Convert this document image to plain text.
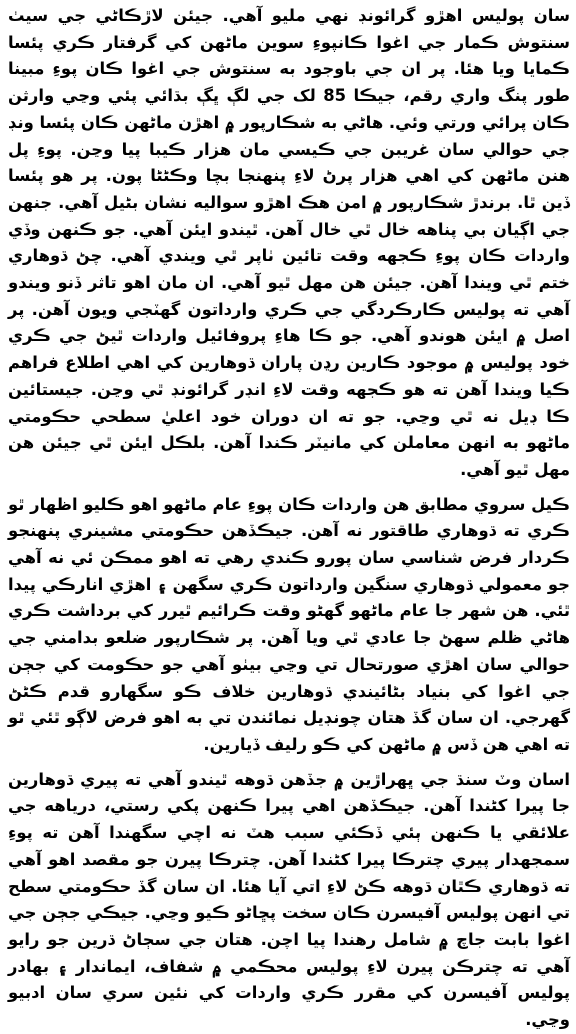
سان پوليس اهڙو گرائونڊ نهي مليو آهي. جيئن لاڙڪاڻي جي سيٺ سنتوش ڪمار جي اغوا ڪانپوءِ سوين ماڻهن کي گرفتار ڪري پئسا ڪمايا ويا هئا. پر ان جي باوجود به سنتوش جي اغوا ڪان پوءِ مبينا طور پنگ واري رقم، جيڪا 85 لک جي لڳ ڀڳ بڌائي پئي وڃي وارثن ڪان پرائي ورتي وئي. هاڻي به شڪارپور ۾ اهڙن ماڻهن ڪان پئسا ونڊ جي حوالي سان غريبن جي ڪيسي مان هزار ڪيبا پيا وڃن. پوءِ پل هنن ماڻهن کي اهي هزار پرڻ لاءِ پنهنجا بچا وڪڻڻا پون. پر هو پئسا ڏين ٿا. برندڙ شڪارپور ۾ امن هڪ اهڙو سواليه نشان بڻيل آهي. جنهن جي اڳيان بي پناهه خال ٿي خال آهن. ٿيندو ايئن آهي. جو ڪنهن وڏي واردات ڪان پوءِ ڪجهه وقت تائين ٺاپر ٿي ويندي آهي. چڻ ڌوهاري ختم ٿي ويندا آهن. جيئن هن مهل ٿيو آهي. ان مان اهو تاثر ڏنو ويندو آهي ته پوليس ڪارڪردگي جي ڪري وارداتون گهٽجي ويون آهن. پر اصل ۾ ايئن هوندو آهي. جو ڪا هاءِ پروفائيل واردات ٿيڻ جي ڪري خود پوليس ۾ موجود ڪارين رڍن پاران ڌوهارين کي اهي اطلاع فراهم ڪيا ويندا آهن ته هو ڪجهه وقت لاءِ انڊر گرائونڊ ٿي وڃن. جيستائين ڪا ڊيل نه ٿي وڃي. جو ته ان دوران خود اعليٰ سطحي حڪومتي ماڻهو به انهن معاملن کي مانيٽر ڪندا آهن. بلڪل ايئن ٿي جيئن هن مهل ٿيو آهي.

ڪيل سروي مطابق هن واردات ڪان پوءِ عام ماڻهو اهو ڪليو اظهار ٿو ڪري ته ڌوهاري طاقتور نه آهن. جيڪڏهن حڪومتي مشينري پنهنجو ڪردار فرض شناسي سان پورو ڪندي رهي ته اهو ممڪن ئي نه آهي جو معمولي ڌوهاري سنگين وارداتون ڪري سگهن ۽ اهڙي انارڪي پيدا ٿئي. هن شهر جا عام ماڻهو گهڻو وقت ڪرائيم ٿيرر کي برداشت ڪري هاڻي ظلم سهڻ جا عادي ٿي ويا آهن. پر شڪارپور ضلعو بدامني جي حوالي سان اهڙي صورتحال تي وڃي بيٺو آهي جو حڪومت کي جڄن جي اغوا کي بنياد بڻائيندي ڌوهارين خلاف ڪو سگهارو قدم ڪڻڻ گهرجي. ان سان گڏ هتان چونڊيل نمائندن تي به اهو فرض لاڳو ٿئي ٿو ته اهي هن ڏس ۾ ماڻهن کي ڪو رليف ڏيارين.

اسان وٽ سنڌ جي ڀهراڙين ۾ جڏهن ڌوهه ٿيندو آهي ته پيري ڌوهارين جا پيرا کڻندا آهن. جيڪڏهن اهي پيرا ڪنهن پکي رستي، درياهه جي علائقي يا ڪنهن ٻئي ڏڪئي سبب هٽ نه اچي سگهندا آهن ته پوءِ سمجهدار پيري چترڪا پيرا کڻندا آهن. چترڪا پيرن جو مقصد اهو آهي ته ڌوهاري ڪٿان ڌوهه ڪڻ لاءِ اتي آيا هئا. ان سان گڏ حڪومتي سطح تي انهن پوليس آفيسرن ڪان سخت پڇاڻو ڪيو وڃي. جيڪي جڄن جي اغوا بابت جاچ ۾ شامل رهندا پيا اچن. هتان جي سڄاڻ ڌرين جو رايو آهي ته چترڪن پيرن لاءِ پوليس محڪمي ۾ شفاف، ايماندار ۽ بهادر پوليس آفيسرن کي مقرر ڪري واردات کي نئين سري سان ادبيو وڃي.
